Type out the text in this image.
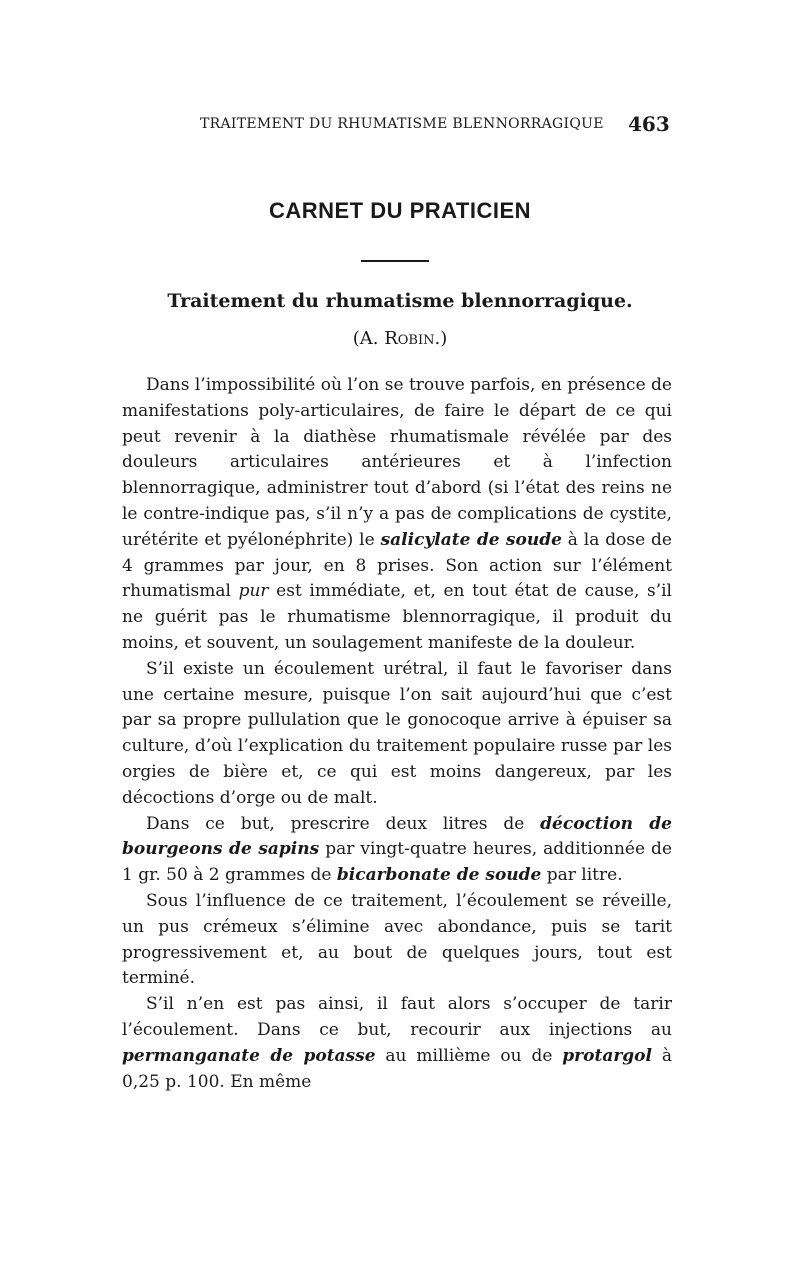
TRAITEMENT DU RHUMATISME BLENNORRAGIQUE 463
CARNET DU PRATICIEN
Traitement du rhumatisme blennorragique.
(A. Robin.)

Dans l’impossibilité où l’on se trouve parfois, en présence de manifestations poly-articulaires, de faire le départ de ce qui peut revenir à la diathèse rhumatismale révélée par des douleurs articulaires antérieures et à l’infection blennorragique, administrer tout d’abord (si l’état des reins ne le contre-indique pas, s’il n’y a pas de complications de cystite, urétérite et pyélonéphrite) le salicylate de soude à la dose de 4 grammes par jour, en 8 prises. Son action sur l’élément rhumatismal pur est immédiate, et, en tout état de cause, s’il ne guérit pas le rhumatisme blennorragique, il produit du moins, et souvent, un soulagement manifeste de la douleur.

S’il existe un écoulement urétral, il faut le favoriser dans une certaine mesure, puisque l’on sait aujourd’hui que c’est par sa propre pullulation que le gonocoque arrive à épuiser sa culture, d’où l’explication du traitement populaire russe par les orgies de bière et, ce qui est moins dangereux, par les décoctions d’orge ou de malt.

Dans ce but, prescrire deux litres de décoction de bourgeons de sapins par vingt-quatre heures, additionnée de 1 gr. 50 à 2 grammes de bicarbonate de soude par litre.

Sous l’influence de ce traitement, l’écoulement se réveille, un pus crémeux s’élimine avec abondance, puis se tarit progressivement et, au bout de quelques jours, tout est terminé.

S’il n’en est pas ainsi, il faut alors s’occuper de tarir l’écoulement. Dans ce but, recourir aux injections au permanganate de potasse au millième ou de protargol à 0,25 p. 100. En même
